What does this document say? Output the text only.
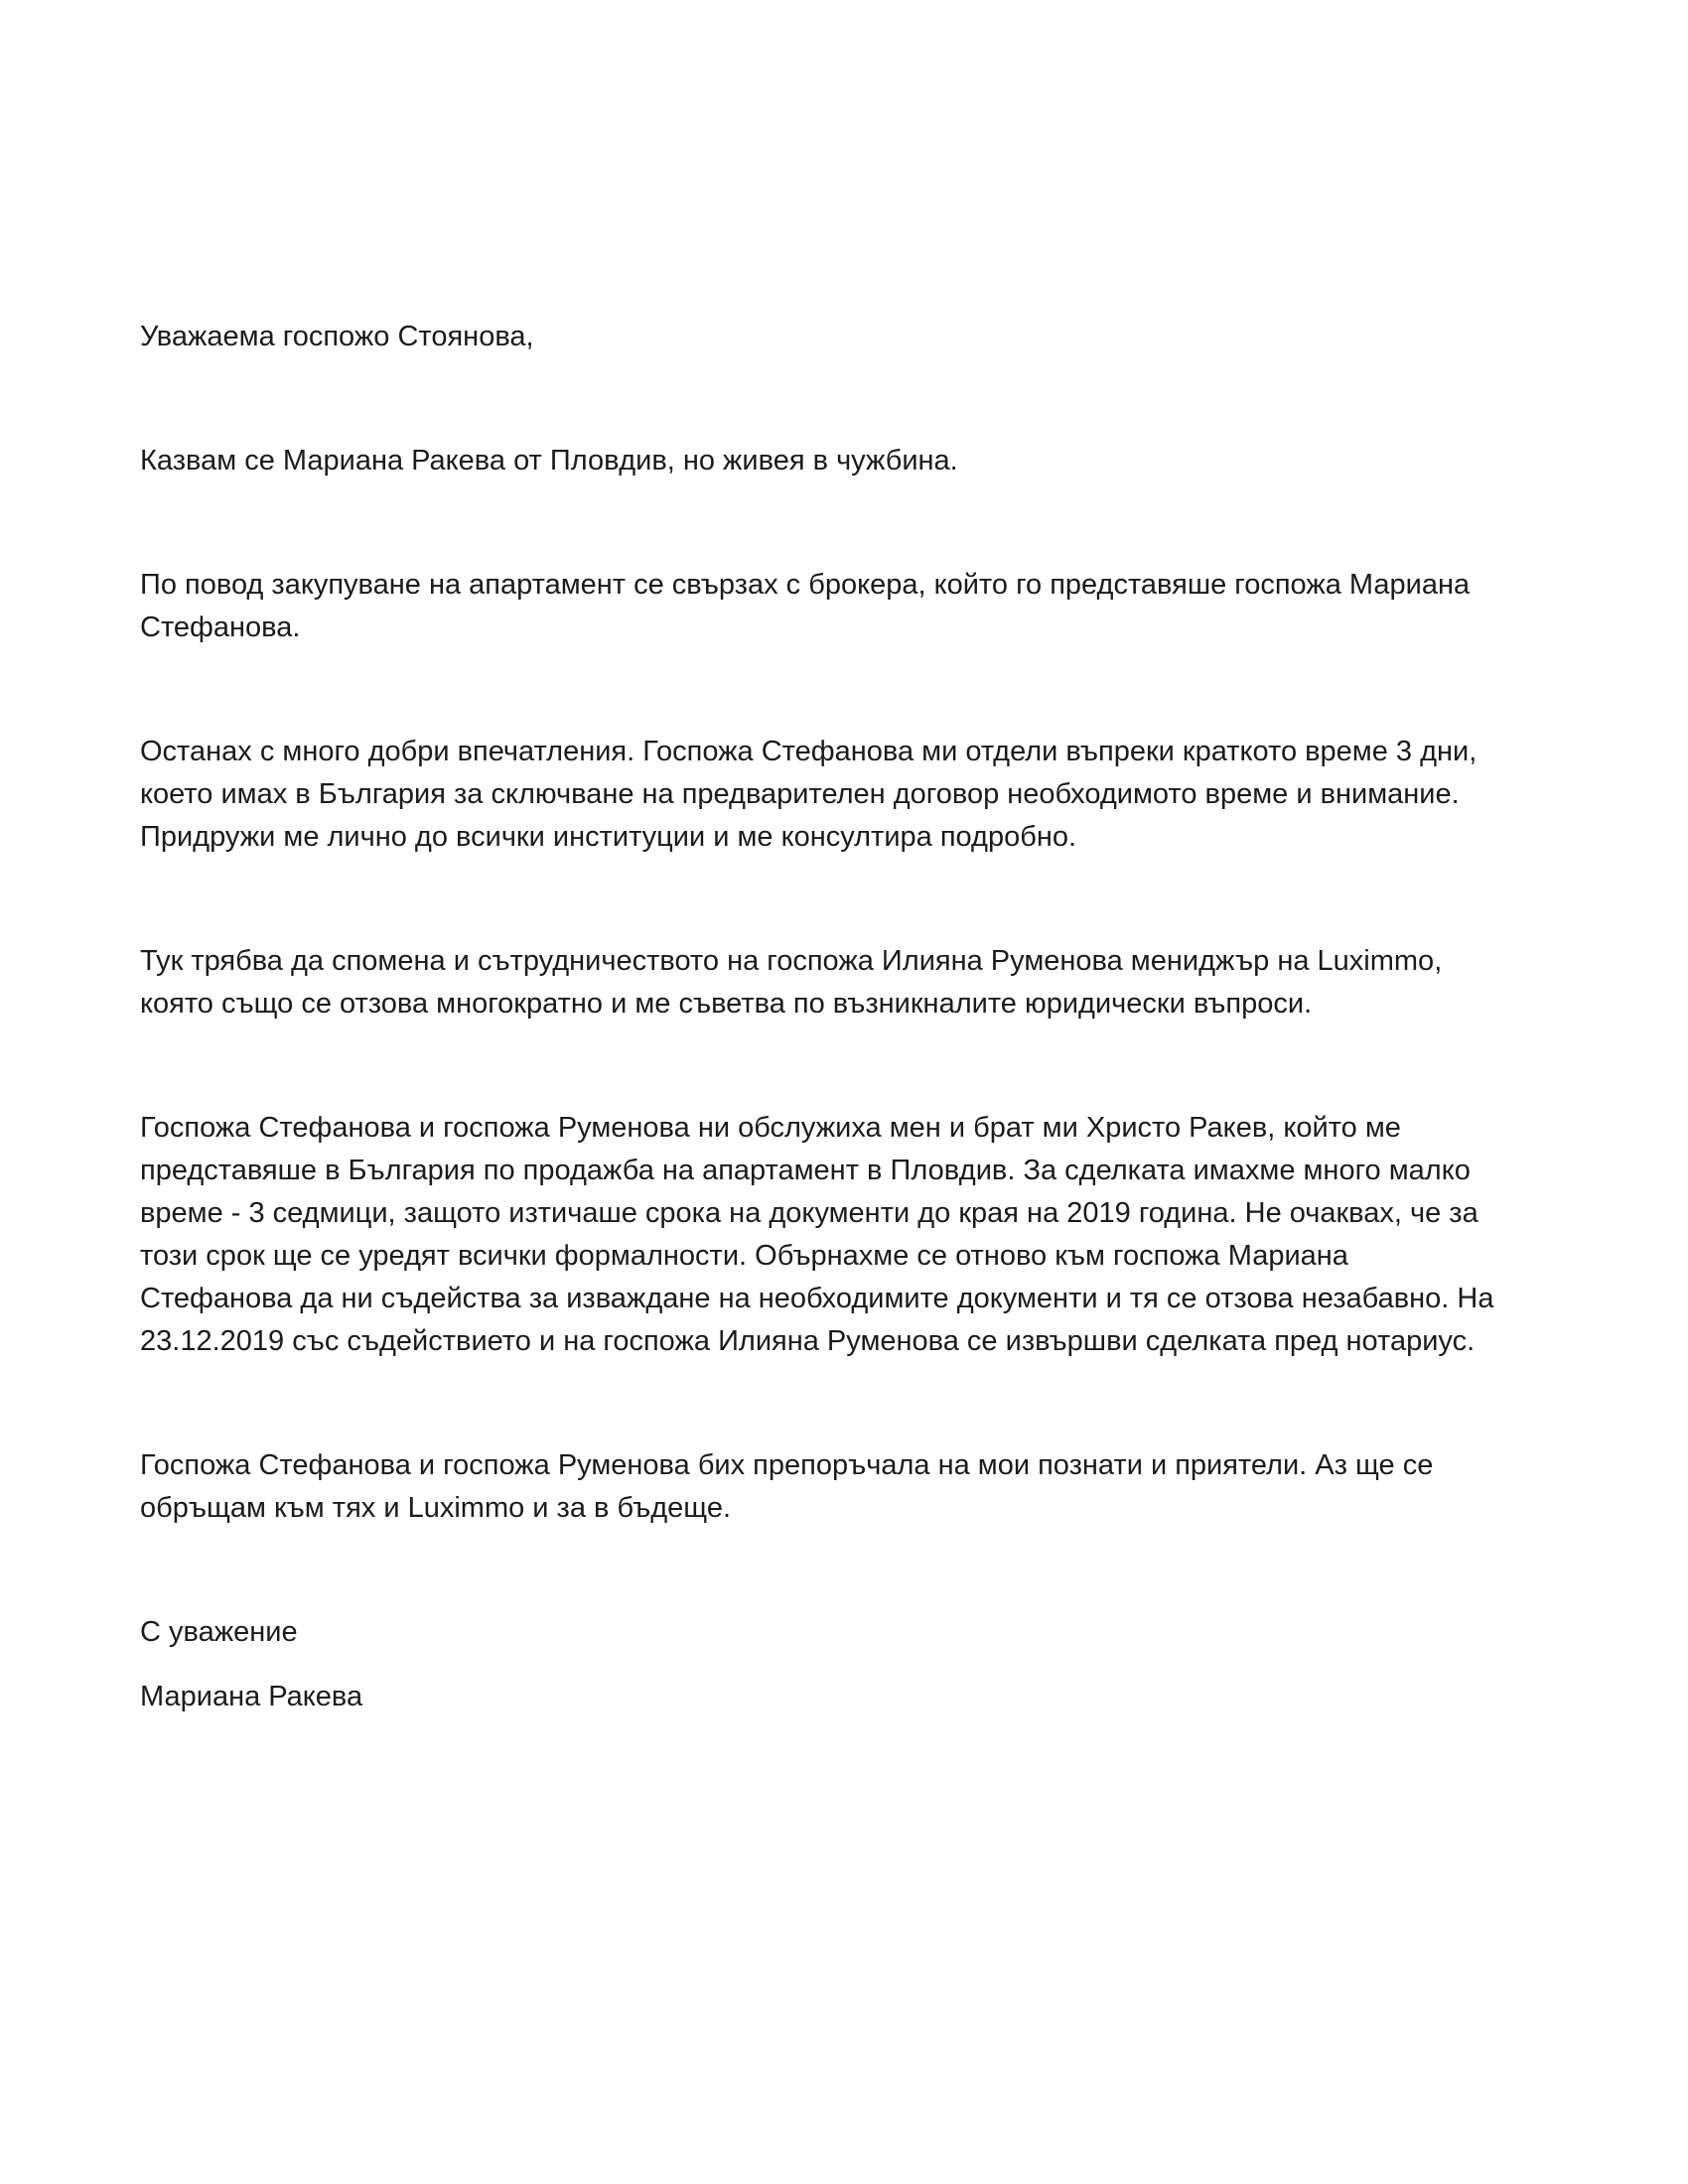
Уважаема госпожо Стоянова,

Казвам се Мариана Ракева от Пловдив, но живея в чужбина.

По повод закупуване на апартамент се свързах с брокера, който го представяше госпожа Мариана Стефанова.

Останах с много добри впечатления. Госпожа Стефанова ми отдели въпреки краткото време 3 дни, което имах в България за сключване на предварителен договор необходимото време и внимание. Придружи ме лично до всички институции и ме консултира подробно.

Тук трябва да спомена и сътрудничеството на госпожа Илияна Руменова мениджър на Luximmo, която също се отзова многократно и ме съветва по възникналите юридически въпроси.

Госпожа Стефанова и госпожа Руменова ни обслужиха мен и брат ми Христо Ракев, който ме представяше в България по продажба на апартамент в Пловдив. За сделката имахме много малко време - 3 седмици, защото изтичаше срока на документи до края на 2019 година. Не очаквах, че за този срок ще се уредят всички формалности. Обърнахме се отново към госпожа Мариана Стефанова да ни съдейства за изваждане на необходимите документи и тя се отзова незабавно. На 23.12.2019 със съдействието и на госпожа Илияна Руменова се извършви сделката пред нотариус.

Госпожа Стефанова и госпожа Руменова бих препоръчала на мои познати и приятели. Аз ще се обръщам към тях и Luximmo и за в бъдеще.

С уважение

Мариана Ракева
